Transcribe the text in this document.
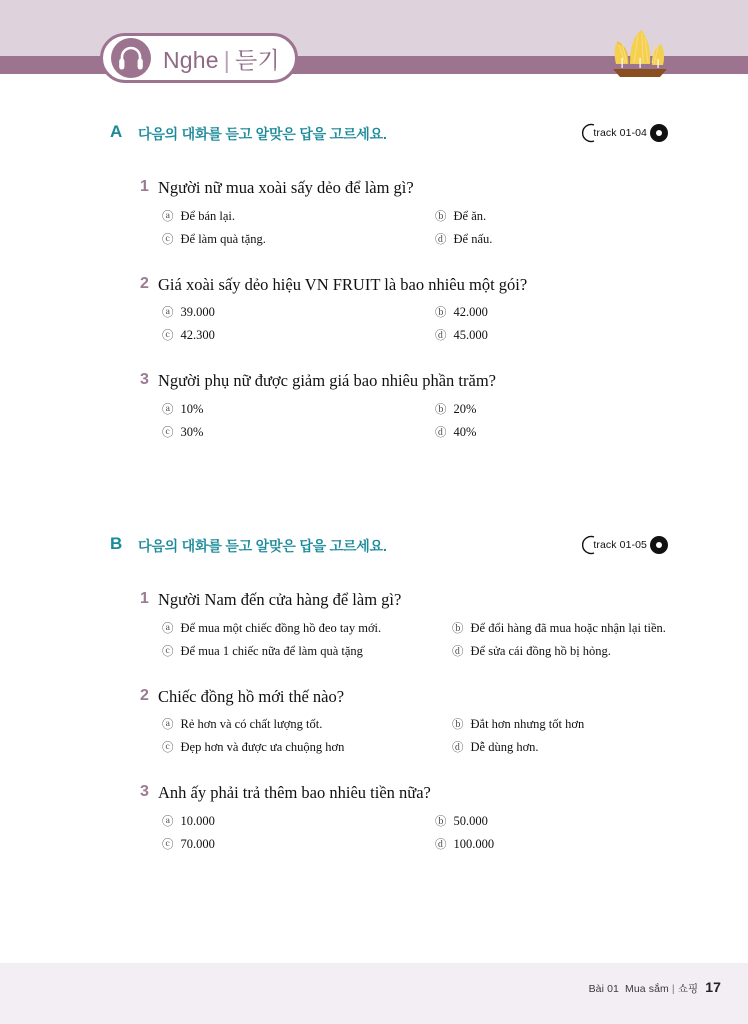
Nghe | 듣기
A 다음의 대화를 듣고 알맞은 답을 고르세요.	track 01-04
1 Người nữ mua xoài sấy dẻo để làm gì?
ⓐ Để bán lại.	ⓑ Để ăn.
ⓒ Để làm quà tặng.	ⓓ Để nấu.
2 Giá xoài sấy dẻo hiệu VN FRUIT là bao nhiêu một gói?
ⓐ 39.000	ⓑ 42.000
ⓒ 42.300	ⓓ 45.000
3 Người phụ nữ được giảm giá bao nhiêu phần trăm?
ⓐ 10%	ⓑ 20%
ⓒ 30%	ⓓ 40%
B 다음의 대화를 듣고 알맞은 답을 고르세요.	track 01-05
1 Người Nam đến cửa hàng để làm gì?
ⓐ Để mua một chiếc đồng hồ đeo tay mới.	ⓑ Để đổi hàng đã mua hoặc nhận lại tiền.
ⓒ Để mua 1 chiếc nữa để làm quà tặng	ⓓ Để sửa cái đồng hồ bị hỏng.
2 Chiếc đồng hồ mới thế nào?
ⓐ Rẻ hơn và có chất lượng tốt.	ⓑ Đắt hơn nhưng tốt hơn
ⓒ Đẹp hơn và được ưa chuộng hơn	ⓓ Dễ dùng hơn.
3 Anh ấy phải trả thêm bao nhiêu tiền nữa?
ⓐ 10.000	ⓑ 50.000
ⓒ 70.000	ⓓ 100.000
Bài 01 Mua sắm | 쇼핑 17
